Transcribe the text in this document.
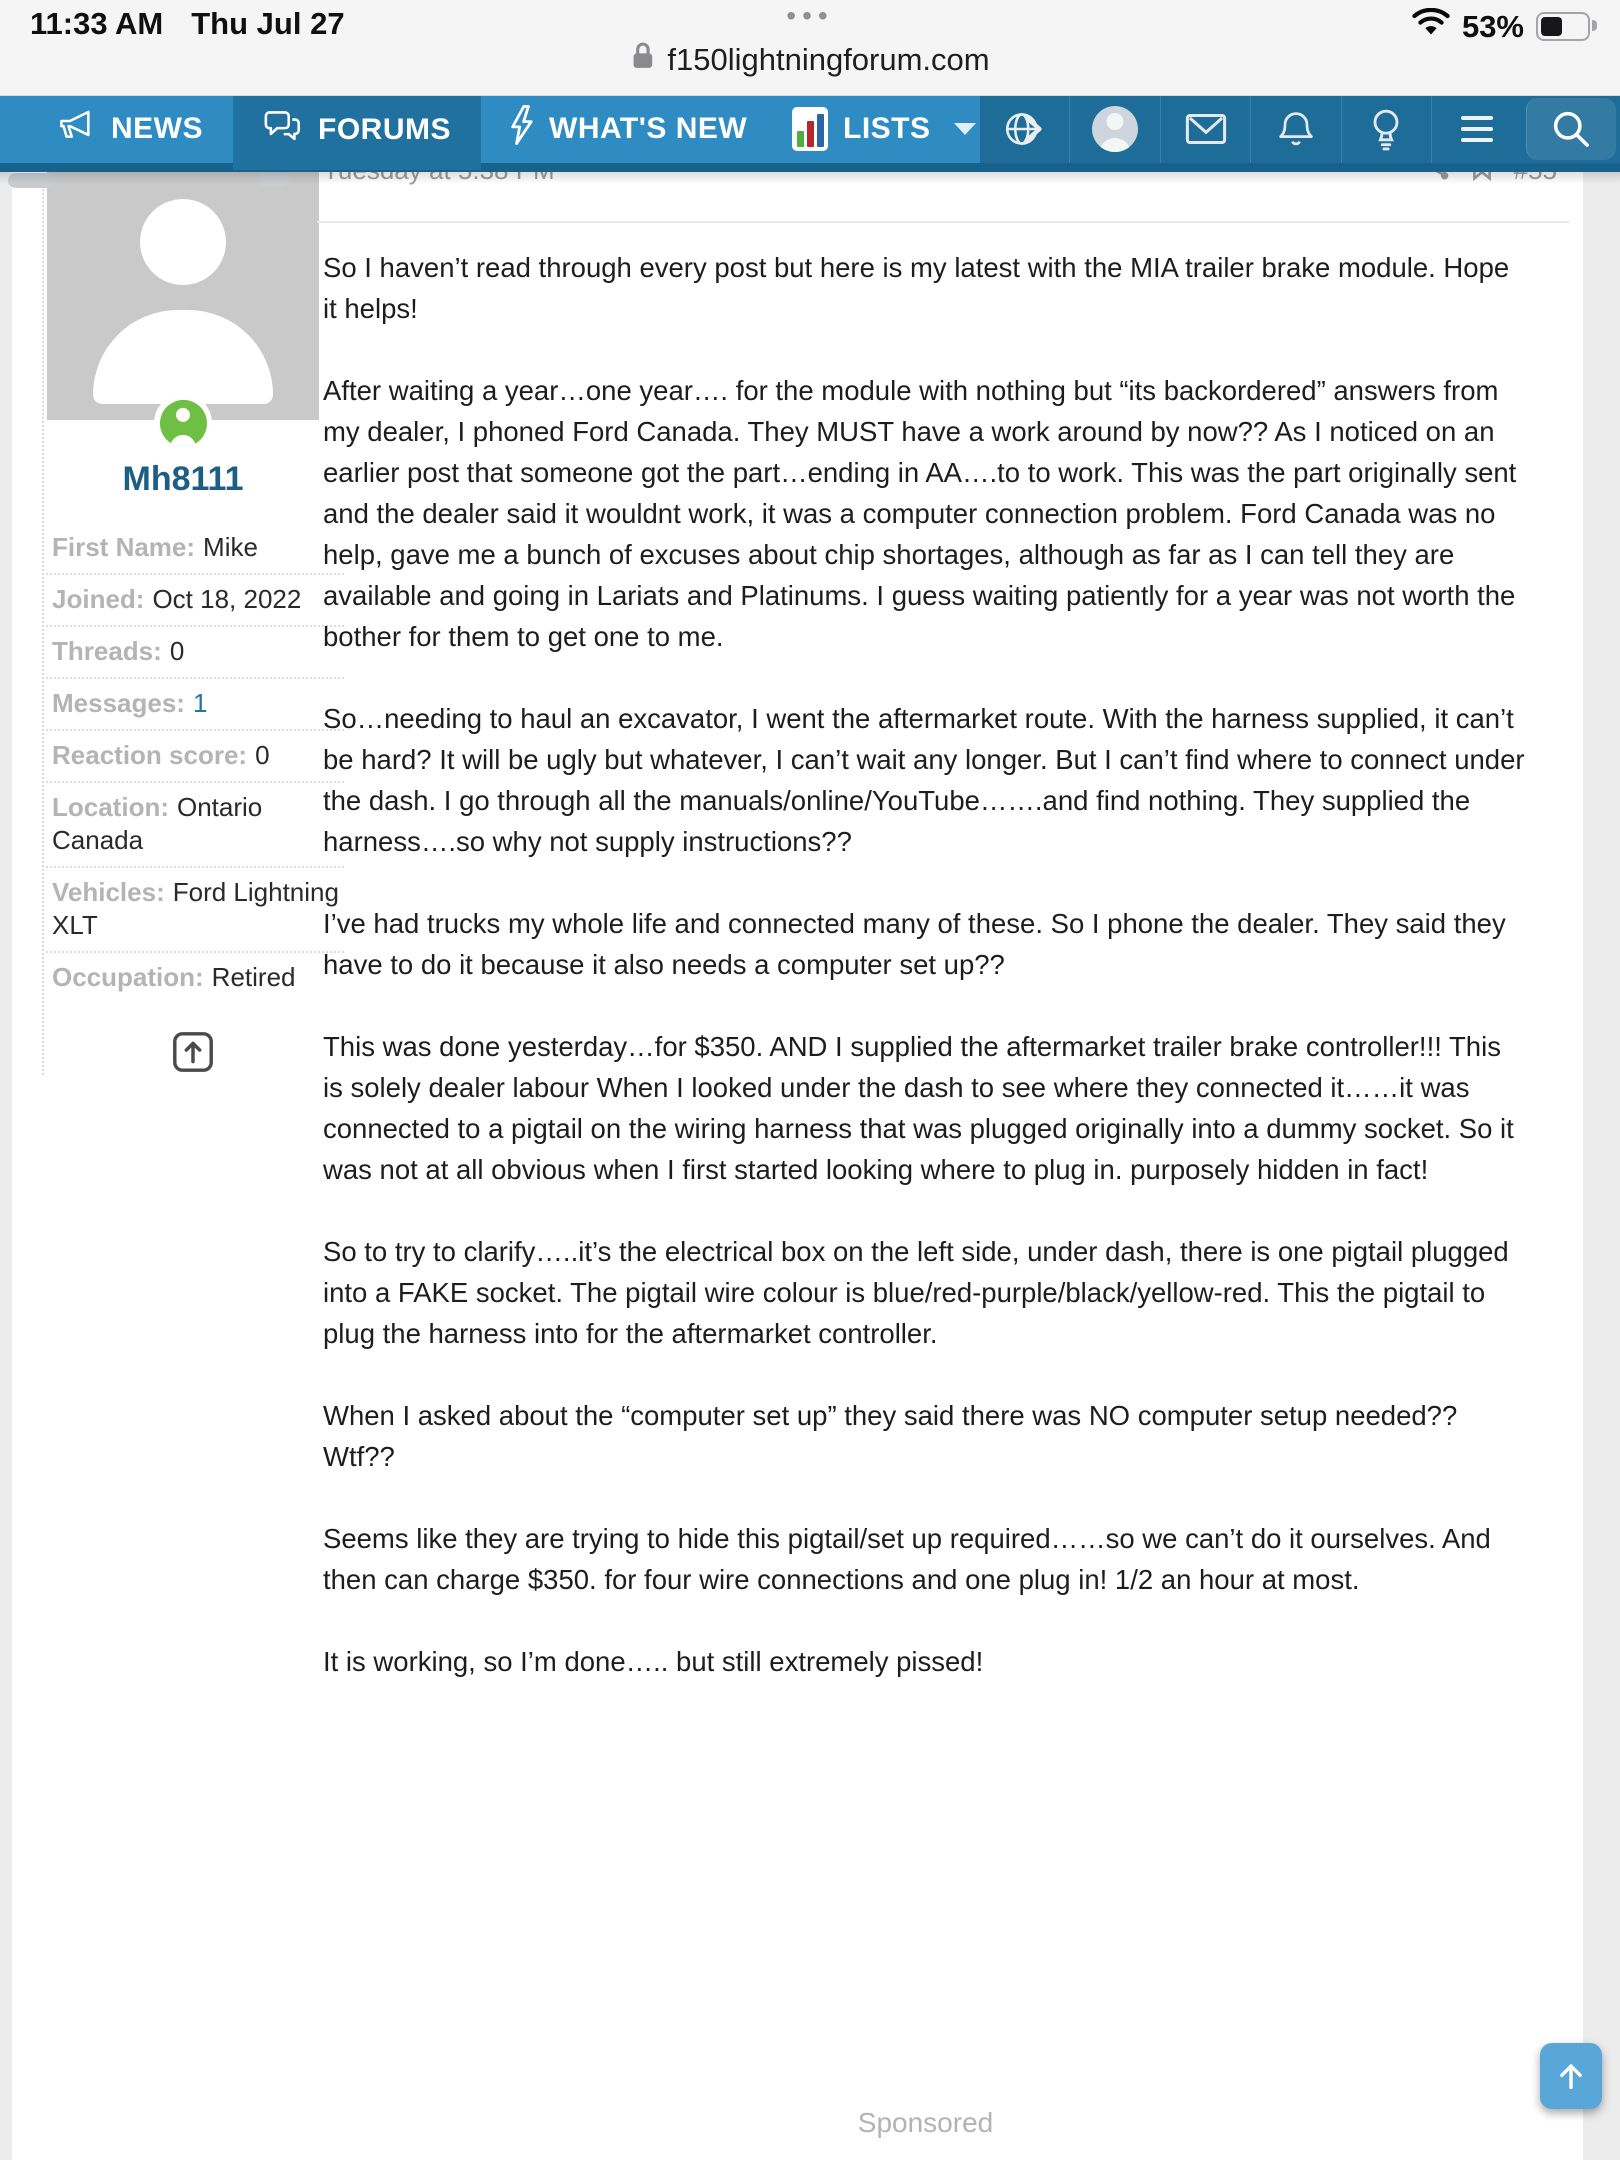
Mh8111
First Name: Mike
Joined: Oct 18, 2022
Threads: 0
Messages: 1
Reaction score: 0
Location: Ontario Canada
Vehicles: Ford Lightning XLT
Occupation: Retired

So I haven’t read through every post but here is my latest with the MIA trailer brake module. Hope it helps!

After waiting a year…one year…. for the module with nothing but “its backordered” answers from my dealer, I phoned Ford Canada. They MUST have a work around by now?? As I noticed on an earlier post that someone got the part…ending in AA….to to work. This was the part originally sent and the dealer said it wouldnt work, it was a computer connection problem. Ford Canada was no help, gave me a bunch of excuses about chip shortages, although as far as I can tell they are available and going in Lariats and Platinums. I guess waiting patiently for a year was not worth the bother for them to get one to me.

So…needing to haul an excavator, I went the aftermarket route. With the harness supplied, it can’t be hard? It will be ugly but whatever, I can’t wait any longer. But I can’t find where to connect under the dash. I go through all the manuals/online/YouTube…….and find nothing. They supplied the harness….so why not supply instructions??

I’ve had trucks my whole life and connected many of these. So I phone the dealer. They said they have to do it because it also needs a computer set up??

This was done yesterday…for $350. AND I supplied the aftermarket trailer brake controller!!! This is solely dealer labour When I looked under the dash to see where they connected it……it was connected to a pigtail on the wiring harness that was plugged originally into a dummy socket. So it was not at all obvious when I first started looking where to plug in. purposely hidden in fact!

So to try to clarify…..it’s the electrical box on the left side, under dash, there is one pigtail plugged into a FAKE socket. The pigtail wire colour is blue/red-purple/black/yellow-red. This the pigtail to plug the harness into for the aftermarket controller.

When I asked about the “computer set up” they said there was NO computer setup needed?? Wtf??

Seems like they are trying to hide this pigtail/set up required……so we can’t do it ourselves. And then can charge $350. for four wire connections and one plug in! 1/2 an hour at most.

It is working, so I’m done….. but still extremely pissed!

Sponsored
11:33 AM Thu Jul 27	•••	53%
f150lightningforum.com
NEWS	FORUMS	WHAT'S NEW	LISTS
